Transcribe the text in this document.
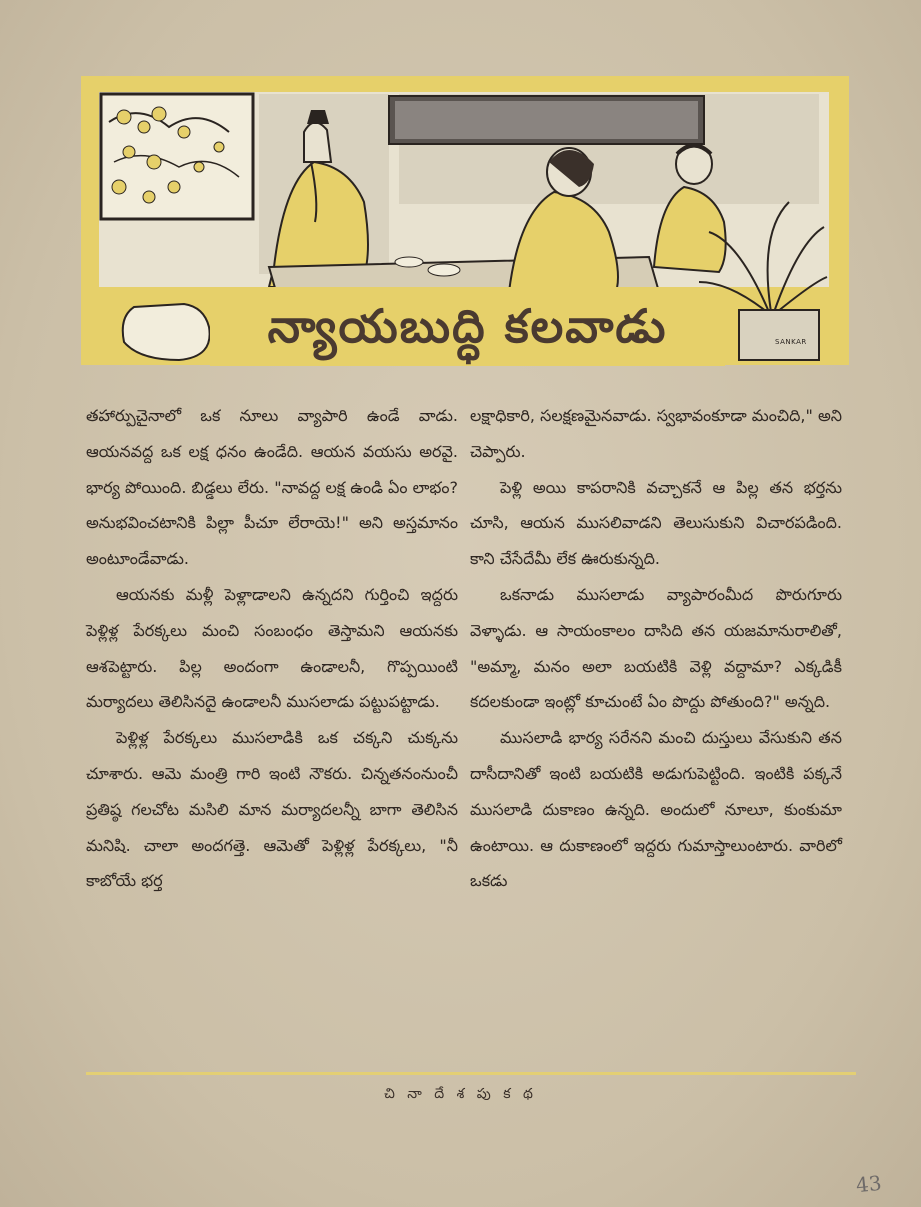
న్యాయబుద్ధి కలవాడు	SANKAR

తహార్పుచైనాలో ఒక నూలు వ్యాపారి ఉండే వాడు. ఆయనవద్ద ఒక లక్ష ధనం ఉండేది. ఆయన వయసు అరవై. భార్య పోయింది. బిడ్డలు లేరు. "నావద్ద లక్ష ఉండి ఏం లాభం? అనుభవించటానికి పిల్లా పీచూ లేరాయె!" అని అస్తమానం అంటూండేవాడు.

ఆయనకు మళ్లీ పెళ్లాడాలని ఉన్నదని గుర్తించి ఇద్దరు పెళ్లిళ్ల పేరక్కలు మంచి సంబంధం తెస్తామని ఆయనకు ఆశపెట్టారు. పిల్ల అందంగా ఉండాలనీ, గొప్పయింటి మర్యాదలు తెలిసినదై ఉండాలనీ ముసలాడు పట్టుపట్టాడు.

పెళ్లిళ్ల పేరక్కలు ముసలాడికి ఒక చక్కని చుక్కను చూశారు. ఆమె మంత్రి గారి ఇంటి నౌకరు. చిన్నతనంనుంచీ ప్రతిష్ఠ గలచోట మసిలి మాన మర్యాదలన్నీ బాగా తెలిసిన మనిషి. చాలా అందగత్తె. ఆమెతో పెళ్లిళ్ల పేరక్కలు, "నీ కాబోయే భర్త

లక్షాధికారి, సలక్షణమైనవాడు. స్వభావంకూడా మంచిది," అని చెప్పారు.

పెళ్లి అయి కాపరానికి వచ్చాకనే ఆ పిల్ల తన భర్తను చూసి, ఆయన ముసలివాడని తెలుసుకుని విచారపడింది. కాని చేసేదేమీ లేక ఊరుకున్నది.

ఒకనాడు ముసలాడు వ్యాపారంమీద పొరుగూరు వెళ్ళాడు. ఆ సాయంకాలం దాసిది తన యజమానురాలితో, "అమ్మా, మనం అలా బయటికి వెళ్లి వద్దామా? ఎక్కడికీ కదలకుండా ఇంట్లో కూచుంటే ఏం పొద్దు పోతుంది?" అన్నది.

ముసలాడి భార్య సరేనని మంచి దుస్తులు వేసుకుని తన దాసీదానితో ఇంటి బయటికి అడుగుపెట్టింది. ఇంటికి పక్కనే ముసలాడి దుకాణం ఉన్నది. అందులో నూలూ, కుంకుమా ఉంటాయి. ఆ దుకాణంలో ఇద్దరు గుమాస్తాలుంటారు. వారిలో ఒకడు

చి నా దే శ పు క థ
43
